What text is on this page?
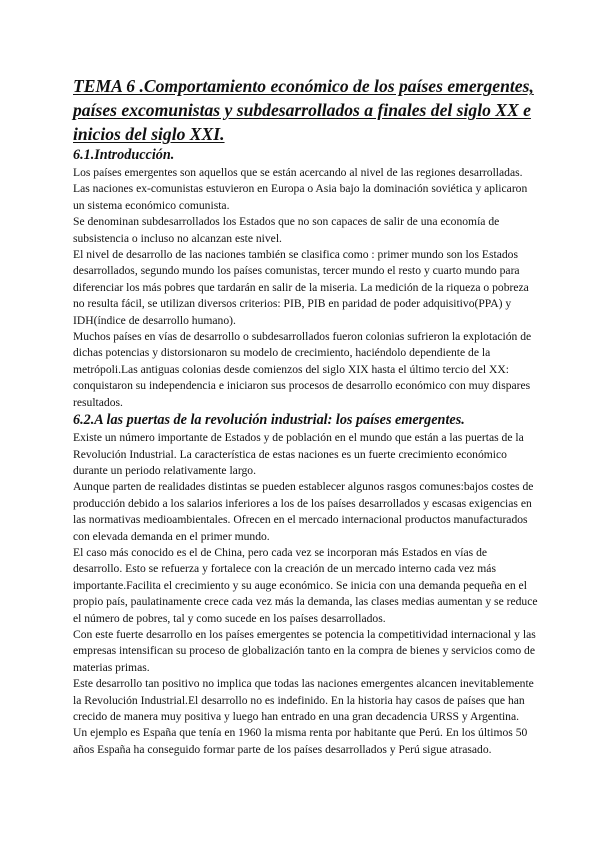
TEMA 6 .Comportamiento económico de los países emergentes, países excomunistas y subdesarrollados a finales del siglo XX e inicios del siglo XXI.
6.1.Introducción.

Los países emergentes son aquellos que se están acercando al nivel de las regiones desarrolladas. Las naciones ex-comunistas estuvieron en Europa o Asia bajo la dominación soviética y aplicaron un sistema económico comunista.

Se denominan subdesarrollados los Estados que no son capaces de salir de una economía de subsistencia o incluso no alcanzan este nivel.

El nivel de desarrollo de las naciones también se clasifica como : primer mundo son los Estados desarrollados, segundo mundo los países comunistas, tercer mundo el resto y cuarto mundo para diferenciar los más pobres que tardarán en salir de la miseria. La medición de la riqueza o pobreza no resulta fácil, se utilizan diversos criterios: PIB, PIB en paridad de poder adquisitivo(PPA) y IDH(índice de desarrollo humano).

Muchos países en vías de desarrollo o subdesarrollados fueron colonias sufrieron la explotación de dichas potencias y distorsionaron su modelo de crecimiento, haciéndolo dependiente de la metrópoli.Las antiguas colonias desde comienzos del siglo XIX hasta el último tercio del XX: conquistaron su independencia e iniciaron sus procesos de desarrollo económico con muy dispares resultados.

6.2.A las puertas de la revolución industrial: los países emergentes.

Existe un número importante de Estados y de población en el mundo que están a las puertas de la Revolución Industrial. La característica de estas naciones es un fuerte crecimiento económico durante un periodo relativamente largo.

Aunque parten de realidades distintas se pueden establecer algunos rasgos comunes:bajos costes de producción debido a los salarios inferiores a los de los países desarrollados y escasas exigencias en las normativas medioambientales. Ofrecen en el mercado internacional productos manufacturados con elevada demanda en el primer mundo.

El caso más conocido es el de China, pero cada vez se incorporan más Estados en vías de desarrollo. Esto se refuerza y fortalece con la creación de un mercado interno cada vez más importante.Facilita el crecimiento y su auge económico. Se inicia con una demanda pequeña en el propio país, paulatinamente crece cada vez más la demanda, las clases medias aumentan y se reduce el número de pobres, tal y como sucede en los países desarrollados.

Con este fuerte desarrollo en los países emergentes se potencia la competitividad internacional y las empresas intensifican su proceso de globalización tanto en la compra de bienes y servicios como de materias primas.

Este desarrollo tan positivo no implica que todas las naciones emergentes alcancen inevitablemente la Revolución Industrial.El desarrollo no es indefinido. En la historia hay casos de países que han crecido de manera muy positiva y luego han entrado en una gran decadencia URSS y Argentina.

Un ejemplo es España que tenía en 1960 la misma renta por habitante que Perú. En los últimos 50 años España ha conseguido formar parte de los países desarrollados y Perú sigue atrasado.
